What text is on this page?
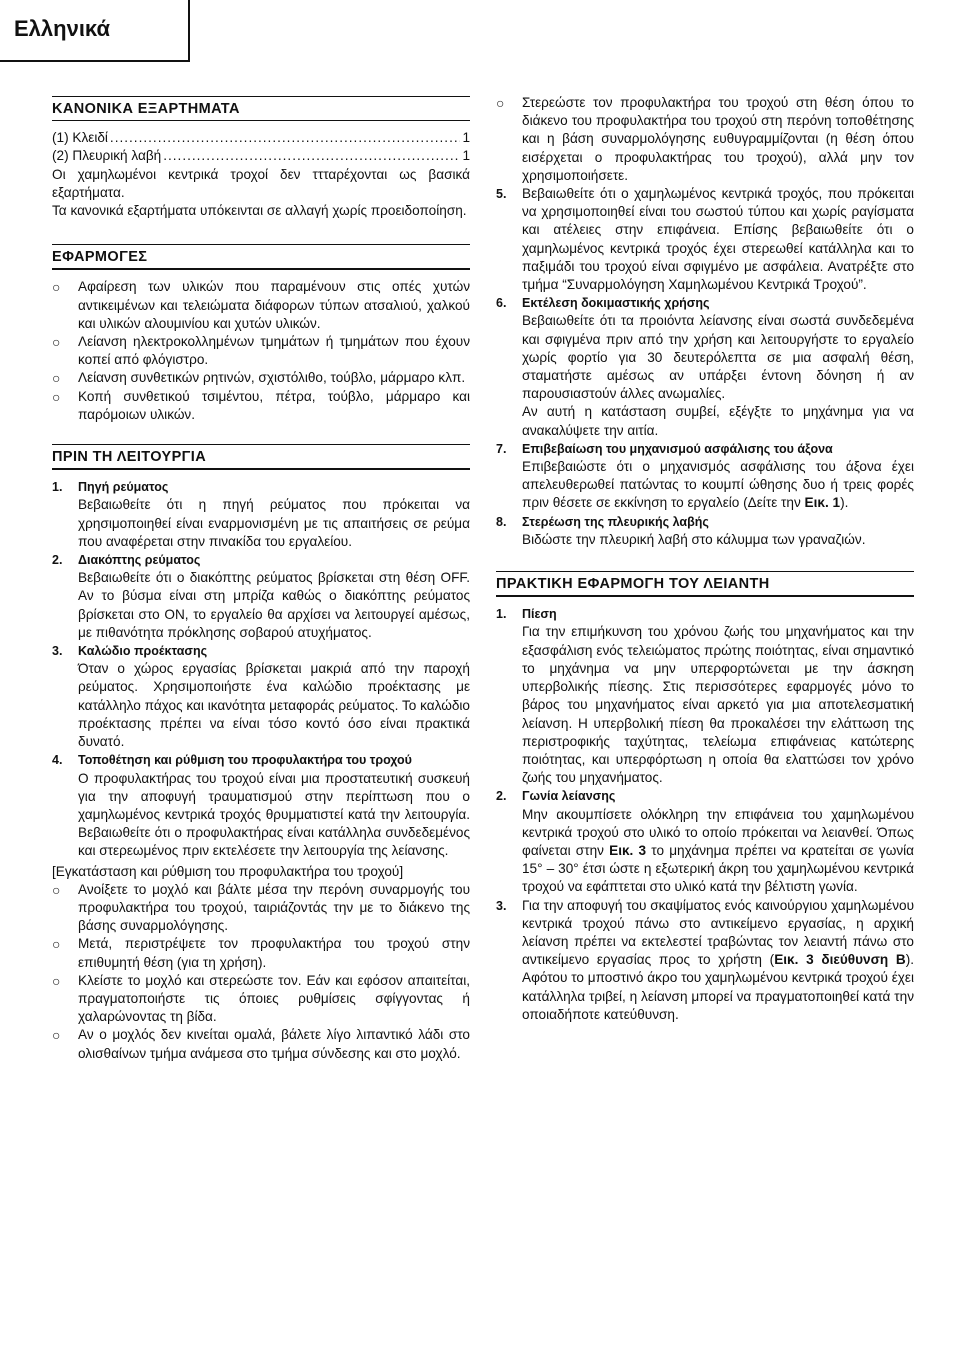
Ελληνικά
ΚΑΝΟΝΙΚΑ ΕΞΑΡΤΗΜΑΤΑ
(1) Κλειδί .....	1
(2) Πλευρική λαβή .....	1

Οι χαμηλωμένοι κεντρικά τροχοί δεν ττταρέχονται ως βασικά εξαρτήματα.

Τα κανονικά εξαρτήματα υπόκεινται σε αλλαγή χωρίς προειδοποίηση.

ΕΦΑΡΜΟΓΕΣ
○	Αφαίρεση των υλικών που παραμένουν στις οπές χυτών αντικειμένων και τελειώματα διάφορων τύπων ατσαλιού, χαλκού και υλικών αλουμινίου και χυτών υλικών.

○	Λείανση ηλεκτροκολλημένων τμημάτων ή τμημάτων που έχουν κοπεί από φλόγιστρο.

○	Λείανση συνθετικών ρητινών, σχιστόλιθο, τούβλο, μάρμαρο κλπ.

○	Κοπή συνθετικού τσιμέντου, πέτρα, τούβλο, μάρμαρο και παρόμοιων υλικών.

ΠΡΙΝ ΤΗ ΛΕΙΤΟΥΡΓΙΑ
1.	Πηγή ρεύματος

Βεβαιωθείτε ότι η πηγή ρεύματος που πρόκειται να χρησιμοποιηθεί είναι εναρμονισμένη με τις απαιτήσεις σε ρεύμα που αναφέρεται στην πινακίδα του εργαλείου.

2.	Διακόπτης ρεύματος

Βεβαιωθείτε ότι ο διακόπτης ρεύματος βρίσκεται στη θέση OFF. Αν το βύσμα είναι στη μπρίζα καθώς ο διακόπτης ρεύματος βρίσκεται στο ON, το εργαλείο θα αρχίσει να λειτουργεί αμέσως, με πιθανότητα πρόκλησης σοβαρού ατυχήματος.

3.	Καλώδιο προέκτασης

Όταν ο χώρος εργασίας βρίσκεται μακριά από την παροχή ρεύματος. Χρησιμοποιήστε ένα καλώδιο προέκτασης με κατάλληλο πάχος και ικανότητα μεταφοράς ρεύματος. Το καλώδιο προέκτασης πρέπει να είναι τόσο κοντό όσο είναι πρακτικά δυνατό.

4.	Τοποθέτηση και ρύθμιση του προφυλακτήρα του τροχού

Ο προφυλακτήρας του τροχού είναι μια προστατευτική συσκευή για την αποφυγή τραυματισμού στην περίπτωση που ο χαμηλωμένος κεντρικά τροχός θρυμματιστεί κατά την λειτουργία. Βεβαιωθείτε ότι ο προφυλακτήρας είναι κατάλληλα συνδεδεμένος και στερεωμένος πριν εκτελέσετε την λειτουργία της λείανσης.

[Εγκατάσταση και ρύθμιση του προφυλακτήρα του τροχού]

○	Ανοίξετε το μοχλό και βάλτε μέσα την περόνη συναρμογής του προφυλακτήρα του τροχού, ταιριάζοντάς την με το διάκενο της βάσης συναρμολόγησης.

○	Μετά, περιστρέψετε τον προφυλακτήρα του τροχού στην επιθυμητή θέση (για τη χρήση).

○	Κλείστε το μοχλό και στερεώστε τον. Εάν και εφόσον απαιτείται, πραγματοποιήστε τις όποιες ρυθμίσεις σφίγγοντας ή χαλαρώνοντας τη βίδα.

○	Αν ο μοχλός δεν κινείται ομαλά, βάλετε λίγο λιπαντικό λάδι στο ολισθαίνων τμήμα ανάμεσα στο τμήμα σύνδεσης και στο μοχλό.

○	Στερεώστε τον προφυλακτήρα του τροχού στη θέση όπου το διάκενο του προφυλακτήρα του τροχού στη περόνη τοποθέτησης και η βάση συναρμολόγησης ευθυγραμμίζονται (η θέση όπου εισέρχεται ο προφυλακτήρας του τροχού), αλλά μην τον χρησιμοποιήσετε.

5.	Βεβαιωθείτε ότι ο χαμηλωμένος κεντρικά τροχός, που πρόκειται να χρησιμοποιηθεί είναι του σωστού τύπου και χωρίς ραγίσματα και ατέλειες στην επιφάνεια. Επίσης βεβαιωθείτε ότι ο χαμηλωμένος κεντρικά τροχός έχει στερεωθεί κατάλληλα και το παξιμάδι του τροχού είναι σφιγμένο με ασφάλεια. Ανατρέξτε στο τμήμα “Συναρμολόγηση Χαμηλωμένου Κεντρικά Τροχού”.

6.	Εκτέλεση δοκιμαστικής χρήσης

Βεβαιωθείτε ότι τα προιόντα λείανσης είναι σωστά συνδεδεμένα και σφιγμένα πριν από την χρήση και λειτουργήστε το εργαλείο χωρίς φορτίο για 30 δευτερόλεπτα σε μια ασφαλή θέση, σταματήστε αμέσως αν υπάρξει έντονη δόνηση ή αν παρουσιαστούν άλλες ανωμαλίες.

Αν αυτή η κατάσταση συμβεί, εξέγξτε το μηχάνημα για να ανακαλύψετε την αιτία.

7.	Επιβεβαίωση του μηχανισμού ασφάλισης του άξονα

Επιβεβαιώστε ότι ο μηχανισμός ασφάλισης του άξονα έχει απελευθερωθεί πατώντας το κουμπί ώθησης δυο ή τρεις φορές πριν θέσετε σε εκκίνηση το εργαλείο (Δείτε την Εικ. 1).

8.	Στερέωση της πλευρικής λαβής

Βιδώστε την πλευρική λαβή στο κάλυμμα των γραναζιών.

ΠΡΑΚΤΙΚΗ ΕΦΑΡΜΟΓΗ ΤΟΥ ΛΕΙΑΝΤΗ
1.	Πίεση

Για την επιμήκυνση του χρόνου ζωής του μηχανήματος και την εξασφάλιση ενός τελειώματος πρώτης ποιότητας, είναι σημαντικό το μηχάνημα να μην υπερφορτώνεται με την άσκηση υπερβολικής πίεσης. Στις περισσότερες εφαρμογές μόνο το βάρος του μηχανήματος είναι αρκετό για μια αποτελεσματική λείανση. Η υπερβολική πίεση θα προκαλέσει την ελάττωση της περιστροφικής ταχύτητας, τελείωμα επιφάνειας κατώτερης ποιότητας, και υπερφόρτωση η οποία θα ελαττώσει τον χρόνο ζωής του μηχανήματος.

2.	Γωνία λείανσης

Μην ακουμπίσετε ολόκληρη την επιφάνεια του χαμηλωμένου κεντρικά τροχού στο υλικό το οποίο πρόκειται να λειανθεί. Όπως φαίνεται στην Εικ. 3 το μηχάνημα πρέπει να κρατείται σε γωνία 15° – 30° έτσι ώστε η εξωτερική άκρη του χαμηλωμένου κεντρικά τροχού να εφάπτεται στο υλικό κατά την βέλτιστη γωνία.

3.	Για την αποφυγή του σκαψίματος ενός καινούργιου χαμηλωμένου κεντρικά τροχού πάνω στο αντικείμενο εργασίας, η αρχική λείανση πρέπει να εκτελεστεί τραβώντας τον λειαντή πάνω στο αντικείμενο εργασίας προς το χρήστη (Εικ. 3 διεύθυνση Β). Αφότου το μποστινό άκρο του χαμηλωμένου κεντρικά τροχού έχει κατάλληλα τριβεί, η λείανση μπορεί να πραγματοποιηθεί κατά την οποιαδήποτε κατεύθυνση.
